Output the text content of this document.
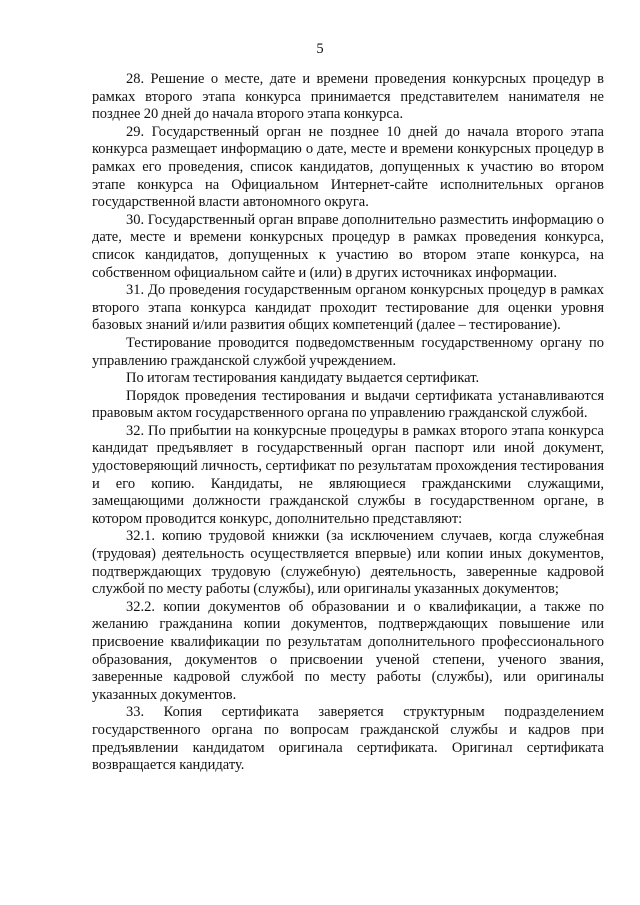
5

28. Решение о месте, дате и времени проведения конкурсных процедур в рамках второго этапа конкурса принимается представителем нанимателя не позднее 20 дней до начала второго этапа конкурса.

29. Государственный орган не позднее 10 дней до начала второго этапа конкурса размещает информацию о дате, месте и времени конкурсных процедур в рамках его проведения, список кандидатов, допущенных к участию во втором этапе конкурса на Официальном Интернет-сайте исполнительных органов государственной власти автономного округа.

30. Государственный орган вправе дополнительно разместить информацию о дате, месте и времени конкурсных процедур в рамках проведения конкурса, список кандидатов, допущенных к участию во втором этапе конкурса, на собственном официальном сайте и (или) в других источниках информации.

31. До проведения государственным органом конкурсных процедур в рамках второго этапа конкурса кандидат проходит тестирование для оценки уровня базовых знаний и/или развития общих компетенций (далее – тестирование).

Тестирование проводится подведомственным государственному органу по управлению гражданской службой учреждением.

По итогам тестирования кандидату выдается сертификат.

Порядок проведения тестирования и выдачи сертификата устанавливаются правовым актом государственного органа по управлению гражданской службой.

32. По прибытии на конкурсные процедуры в рамках второго этапа конкурса кандидат предъявляет в государственный орган паспорт или иной документ, удостоверяющий личность, сертификат по результатам прохождения тестирования и его копию. Кандидаты, не являющиеся гражданскими служащими, замещающими должности гражданской службы в государственном органе, в котором проводится конкурс, дополнительно представляют:

32.1. копию трудовой книжки (за исключением случаев, когда служебная (трудовая) деятельность осуществляется впервые) или копии иных документов, подтверждающих трудовую (служебную) деятельность, заверенные кадровой службой по месту работы (службы), или оригиналы указанных документов;

32.2. копии документов об образовании и о квалификации, а также по желанию гражданина копии документов, подтверждающих повышение или присвоение квалификации по результатам дополнительного профессионального образования, документов о присвоении ученой степени, ученого звания, заверенные кадровой службой по месту работы (службы), или оригиналы указанных документов.

33. Копия сертификата заверяется структурным подразделением государственного органа по вопросам гражданской службы и кадров при предъявлении кандидатом оригинала сертификата. Оригинал сертификата возвращается кандидату.
